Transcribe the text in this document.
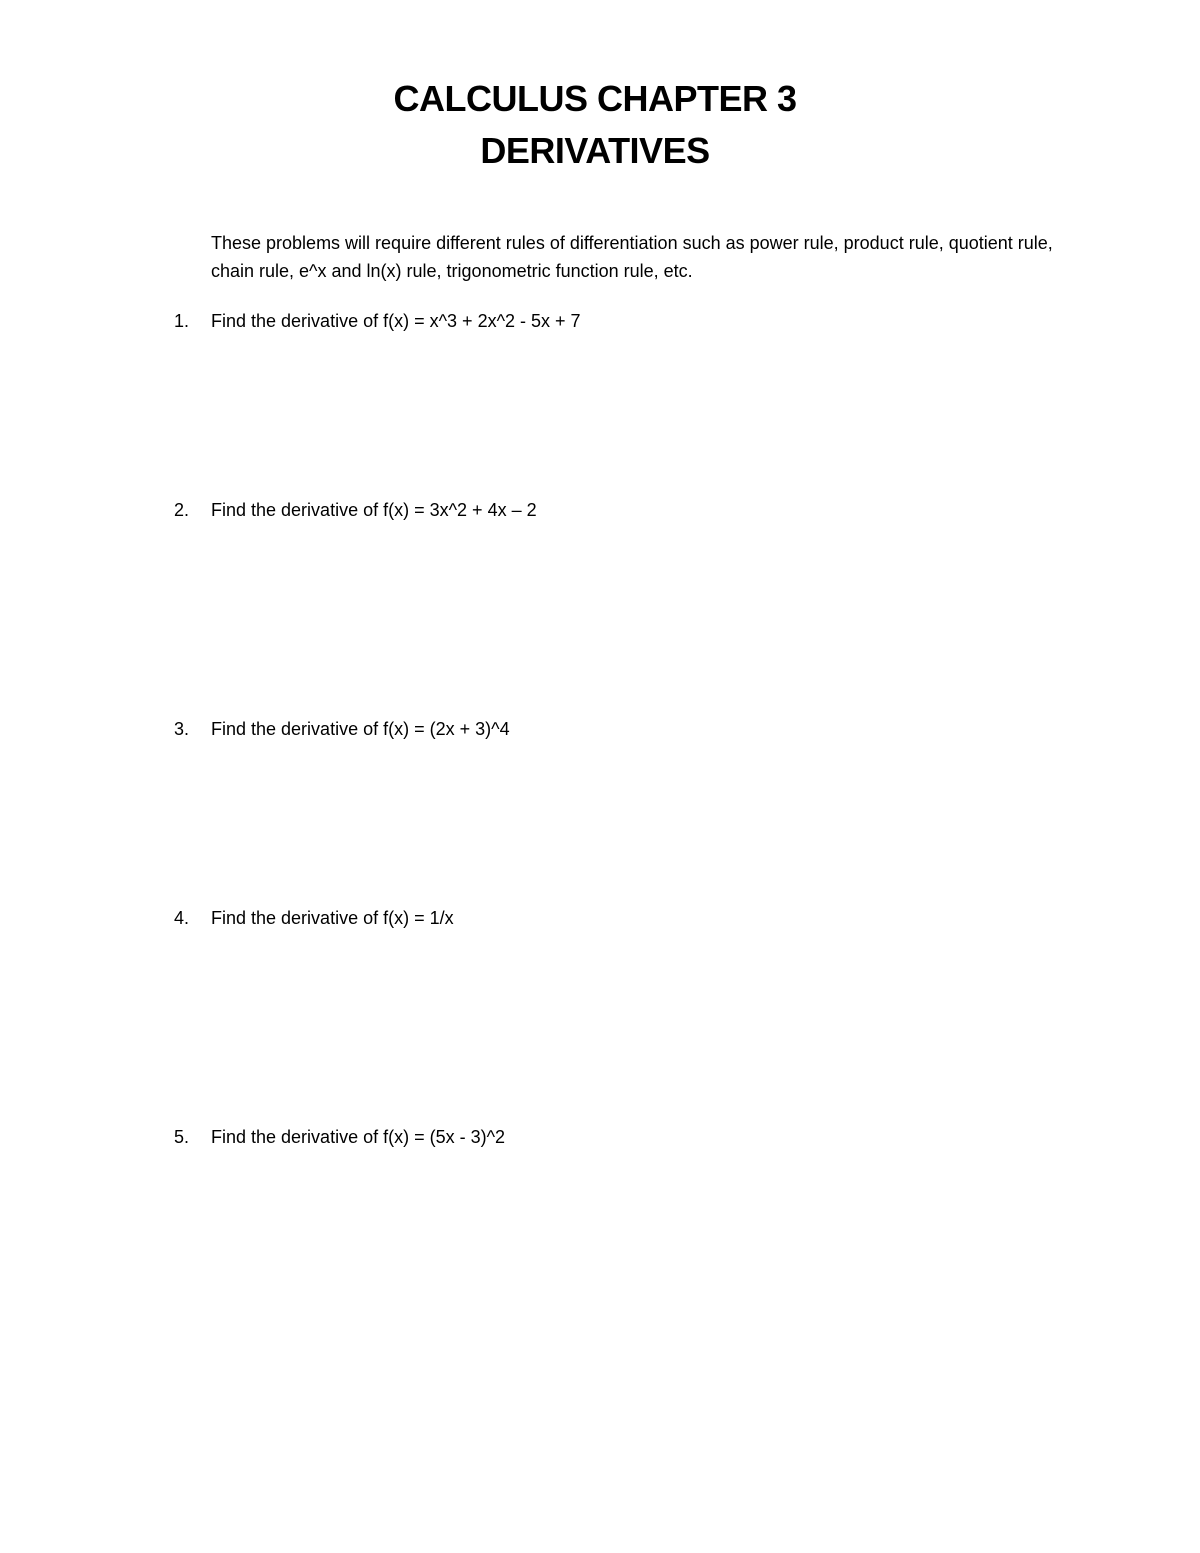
CALCULUS CHAPTER 3
DERIVATIVES
These problems will require different rules of differentiation such as power rule, product rule, quotient rule, chain rule, e^x and ln(x) rule, trigonometric function rule, etc.
1.	Find the derivative of f(x) = x^3 + 2x^2 - 5x + 7
2.	Find the derivative of f(x) = 3x^2 + 4x – 2
3.	Find the derivative of f(x) = (2x + 3)^4
4.	Find the derivative of f(x) = 1/x
5.	Find the derivative of f(x) = (5x - 3)^2
